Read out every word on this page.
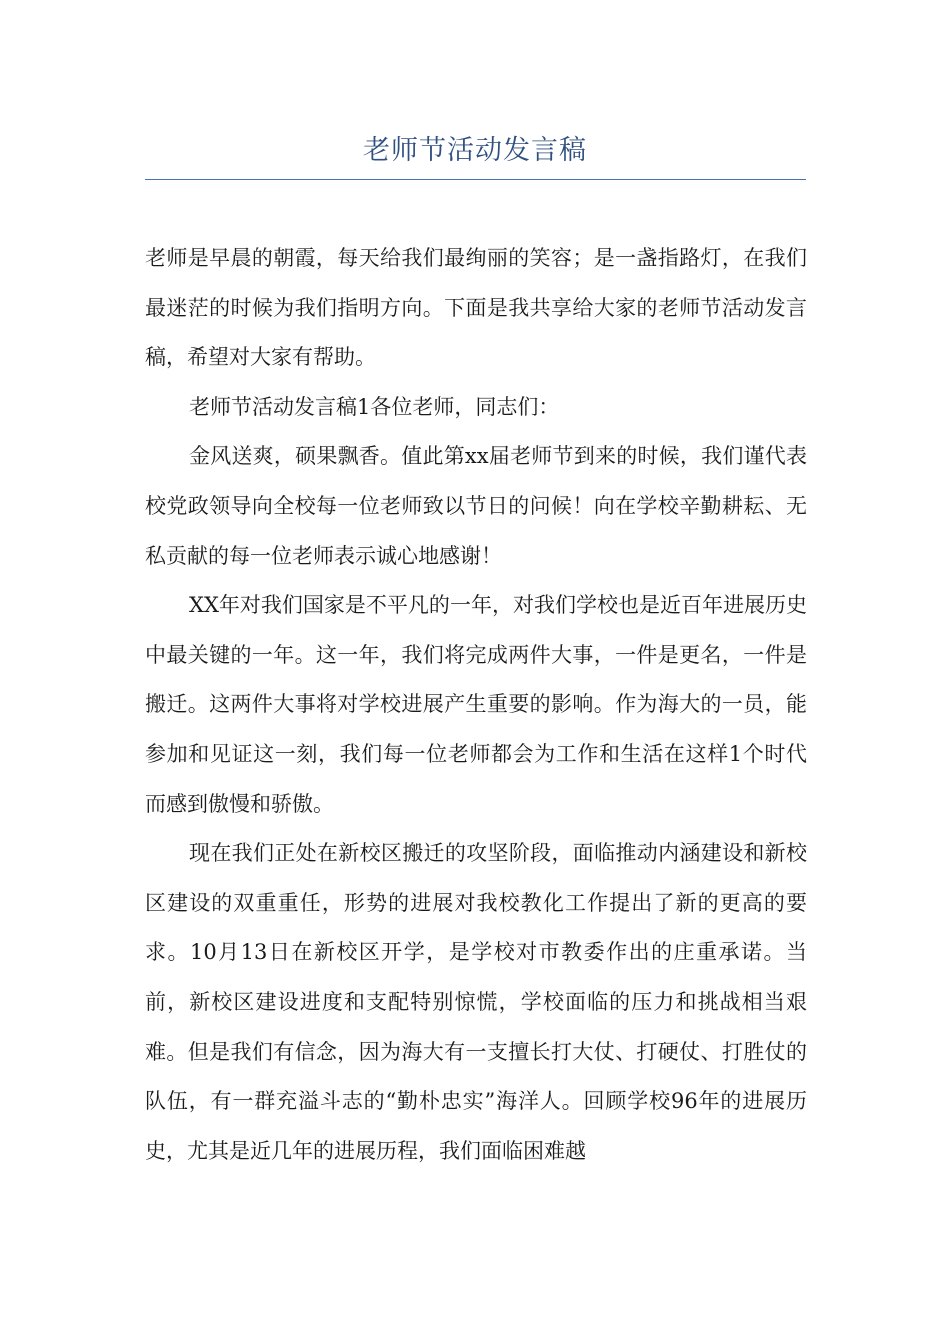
老师节活动发言稿

老师是早晨的朝霞，每天给我们最绚丽的笑容；是一盏指路灯，在我们最迷茫的时候为我们指明方向。下面是我共享给大家的老师节活动发言稿，希望对大家有帮助。

老师节活动发言稿1各位老师，同志们：

金风送爽，硕果飘香。值此第xx届老师节到来的时候，我们谨代表校党政领导向全校每一位老师致以节日的问候！向在学校辛勤耕耘、无私贡献的每一位老师表示诚心地感谢！

XX年对我们国家是不平凡的一年，对我们学校也是近百年进展历史中最关键的一年。这一年，我们将完成两件大事，一件是更名，一件是搬迁。这两件大事将对学校进展产生重要的影响。作为海大的一员，能参加和见证这一刻，我们每一位老师都会为工作和生活在这样1个时代而感到傲慢和骄傲。

现在我们正处在新校区搬迁的攻坚阶段，面临推动内涵建设和新校区建设的双重重任，形势的进展对我校教化工作提出了新的更高的要求。10月13日在新校区开学，是学校对市教委作出的庄重承诺。当前，新校区建设进度和支配特别惊慌，学校面临的压力和挑战相当艰难。但是我们有信念，因为海大有一支擅长打大仗、打硬仗、打胜仗的队伍，有一群充溢斗志的“勤朴忠实”海洋人。回顾学校96年的进展历史，尤其是近几年的进展历程，我们面临困难越
